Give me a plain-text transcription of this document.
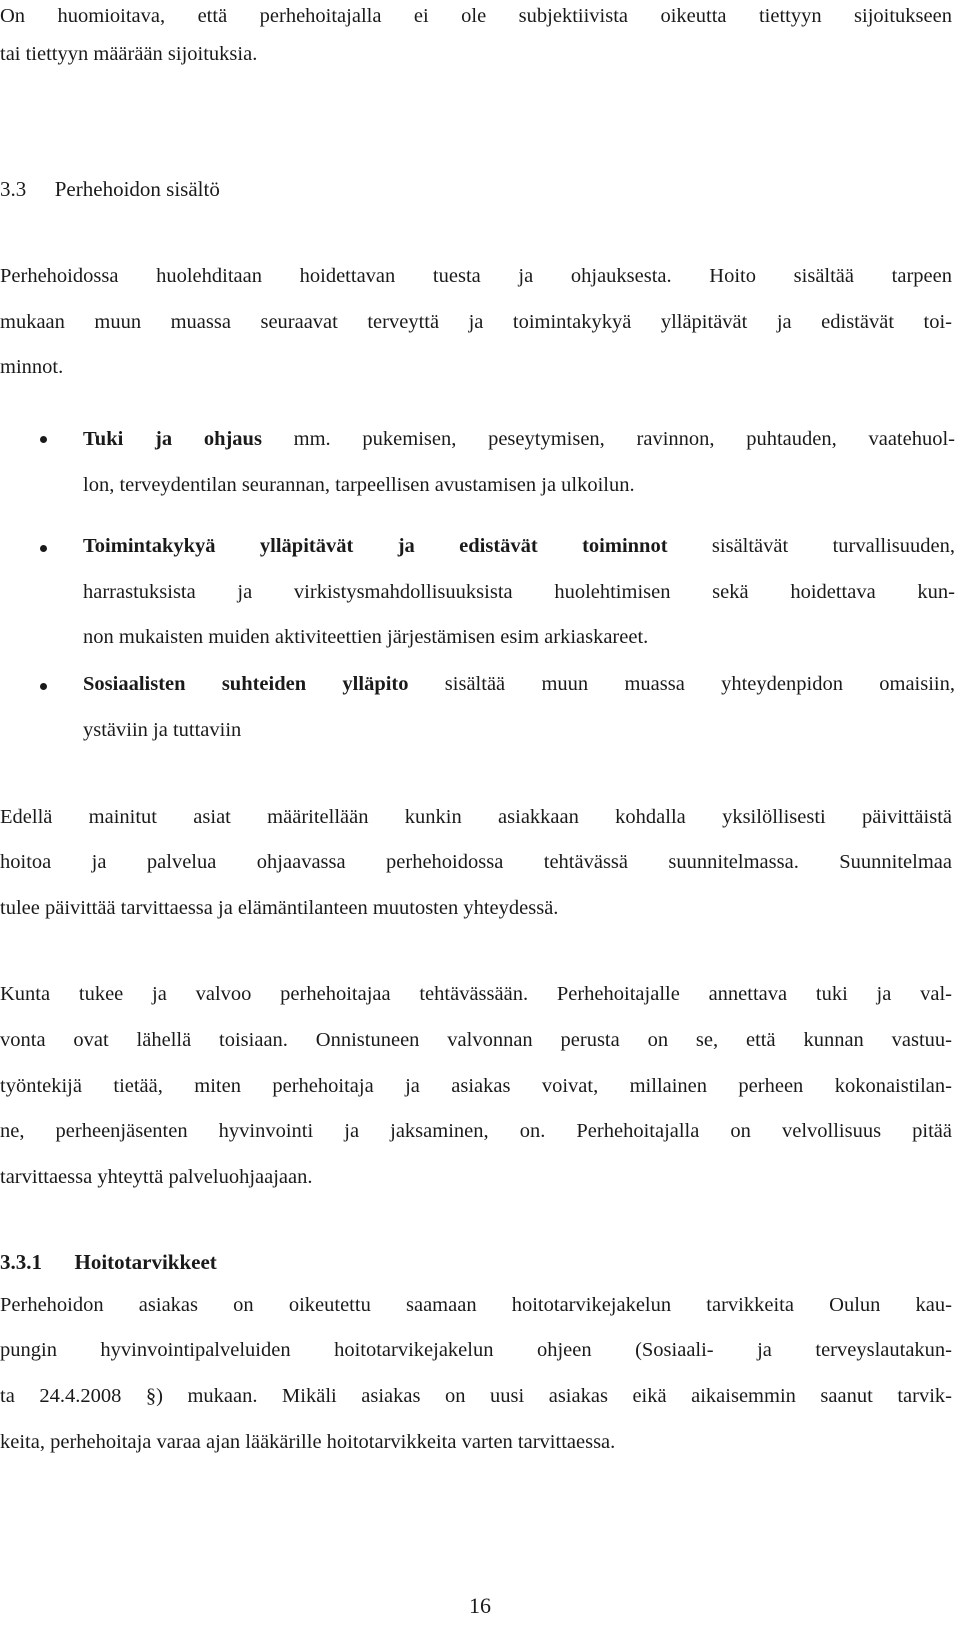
On huomioitava, että perhehoitajalla ei ole subjektiivista oikeutta tiettyyn sijoitukseen
tai tiettyyn määrään sijoituksia.
3.3 Perhehoidon sisältö
Perhehoidossa huolehditaan hoidettavan tuesta ja ohjauksesta. Hoito sisältää tarpeen
mukaan muun muassa seuraavat terveyttä ja toimintakykyä ylläpitävät ja edistävät toi-
minnot.
Tuki ja ohjaus mm. pukemisen, peseytymisen, ravinnon, puhtauden, vaatehuol-
lon, terveydentilan seurannan, tarpeellisen avustamisen ja ulkoilun.
Toimintakykyä ylläpitävät ja edistävät toiminnot sisältävät turvallisuuden,
harrastuksista ja virkistysmahdollisuuksista huolehtimisen sekä hoidettava kun-
non mukaisten muiden aktiviteettien järjestämisen esim arkiaskareet.
Sosiaalisten suhteiden ylläpito sisältää muun muassa yhteydenpidon omaisiin,
ystäviin ja tuttaviin
Edellä mainitut asiat määritellään kunkin asiakkaan kohdalla yksilöllisesti päivittäistä
hoitoa ja palvelua ohjaavassa perhehoidossa tehtävässä suunnitelmassa. Suunnitelmaa
tulee päivittää tarvittaessa ja elämäntilanteen muutosten yhteydessä.
Kunta tukee ja valvoo perhehoitajaa tehtävässään. Perhehoitajalle annettava tuki ja val-
vonta ovat lähellä toisiaan. Onnistuneen valvonnan perusta on se, että kunnan vastuu-
työntekijä tietää, miten perhehoitaja ja asiakas voivat, millainen perheen kokonaistilan-
ne, perheenjäsenten hyvinvointi ja jaksaminen, on. Perhehoitajalla on velvollisuus pitää
tarvittaessa yhteyttä palveluohjaajaan.
3.3.1 Hoitotarvikkeet
Perhehoidon asiakas on oikeutettu saamaan hoitotarvikejakelun tarvikkeita Oulun kau-
pungin hyvinvointipalveluiden hoitotarvikejakelun ohjeen (Sosiaali- ja terveyslautakun-
ta 24.4.2008 §) mukaan. Mikäli asiakas on uusi asiakas eikä aikaisemmin saanut tarvik-
keita, perhehoitaja varaa ajan lääkärille hoitotarvikkeita varten tarvittaessa.
16
